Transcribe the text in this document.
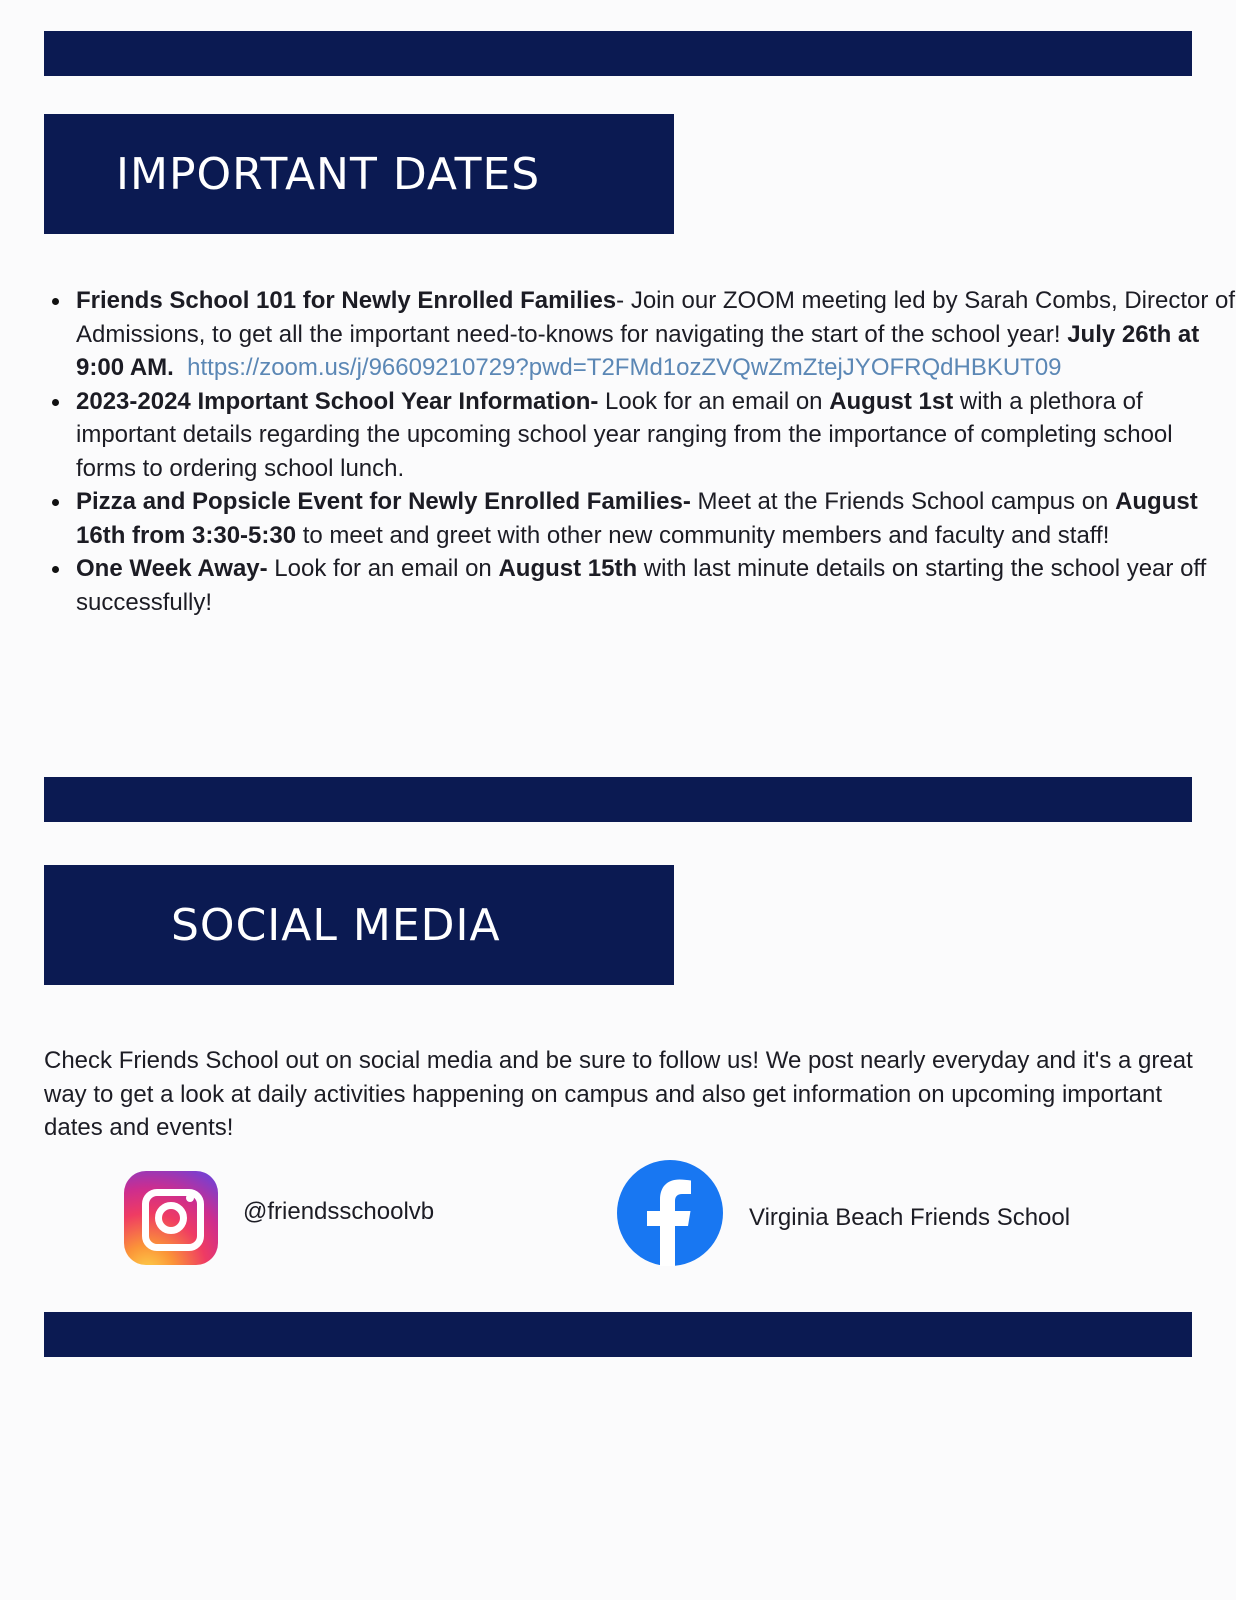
IMPORTANT DATES
Friends School 101 for Newly Enrolled Families- Join our ZOOM meeting led by Sarah Combs, Director of Admissions, to get all the important need-to-knows for navigating the start of the school year! July 26th at 9:00 AM. https://zoom.us/j/96609210729?pwd=T2FMd1ozZVQwZmZtejJYOFRQdHBKUT09
2023-2024 Important School Year Information- Look for an email on August 1st with a plethora of important details regarding the upcoming school year ranging from the importance of completing school forms to ordering school lunch.
Pizza and Popsicle Event for Newly Enrolled Families- Meet at the Friends School campus on August 16th from 3:30-5:30 to meet and greet with other new community members and faculty and staff!
One Week Away- Look for an email on August 15th with last minute details on starting the school year off successfully!
SOCIAL MEDIA

Check Friends School out on social media and be sure to follow us! We post nearly everyday and it's a great way to get a look at daily activities happening on campus and also get information on upcoming important dates and events!

@friendsschoolvb	Virginia Beach Friends School
